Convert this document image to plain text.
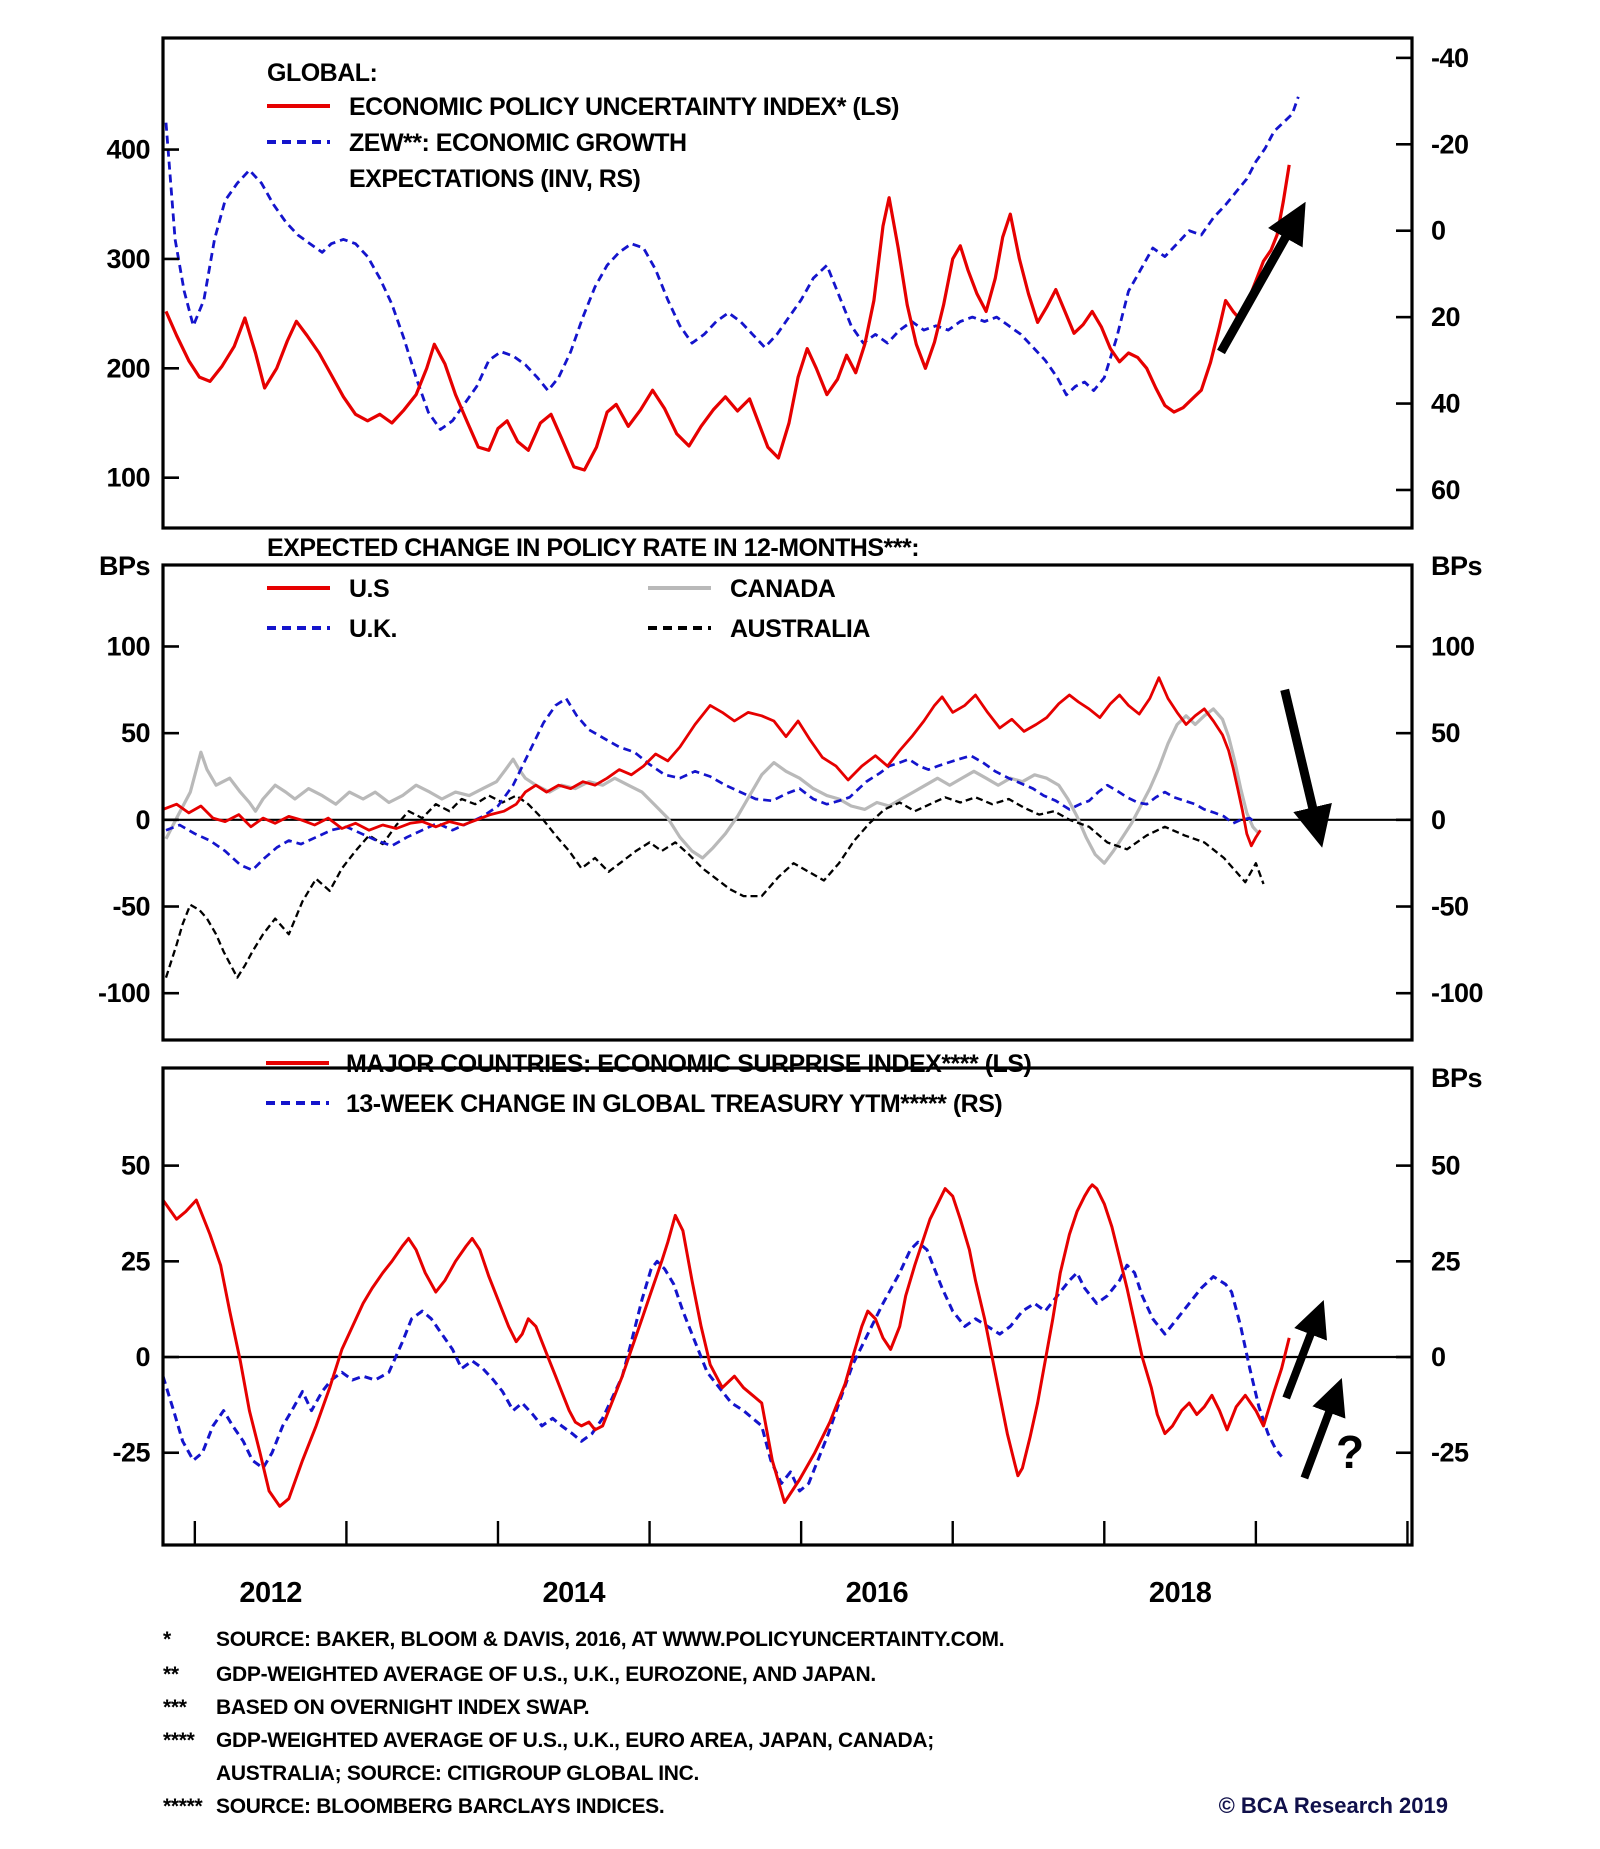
400
300
200
100
-40
-20
0
20
40
60
GLOBAL:
ECONOMIC POLICY UNCERTAINTY INDEX* (LS)
ZEW**: ECONOMIC GROWTH
EXPECTATIONS (INV, RS)
100
50
0
-50
-100
100
50
0
-50
-100
BPs	BPs
EXPECTED CHANGE IN POLICY RATE IN 12-MONTHS***:
U.S
U.K.
CANADA
AUSTRALIA
50
25
0
-25
50
25
0
-25
BPs
2012	2014	2016	2018
MAJOR COUNTRIES: ECONOMIC SURPRISE INDEX**** (LS)
13-WEEK CHANGE IN GLOBAL TREASURY YTM***** (RS)
?
* SOURCE: BAKER, BLOOM & DAVIS, 2016, AT WWW.POLICYUNCERTAINTY.COM.
** GDP-WEIGHTED AVERAGE OF U.S., U.K., EUROZONE, AND JAPAN.
*** BASED ON OVERNIGHT INDEX SWAP.
**** GDP-WEIGHTED AVERAGE OF U.S., U.K., EURO AREA, JAPAN, CANADA;
AUSTRALIA; SOURCE: CITIGROUP GLOBAL INC.
***** SOURCE: BLOOMBERG BARCLAYS INDICES.	© BCA Research 2019
